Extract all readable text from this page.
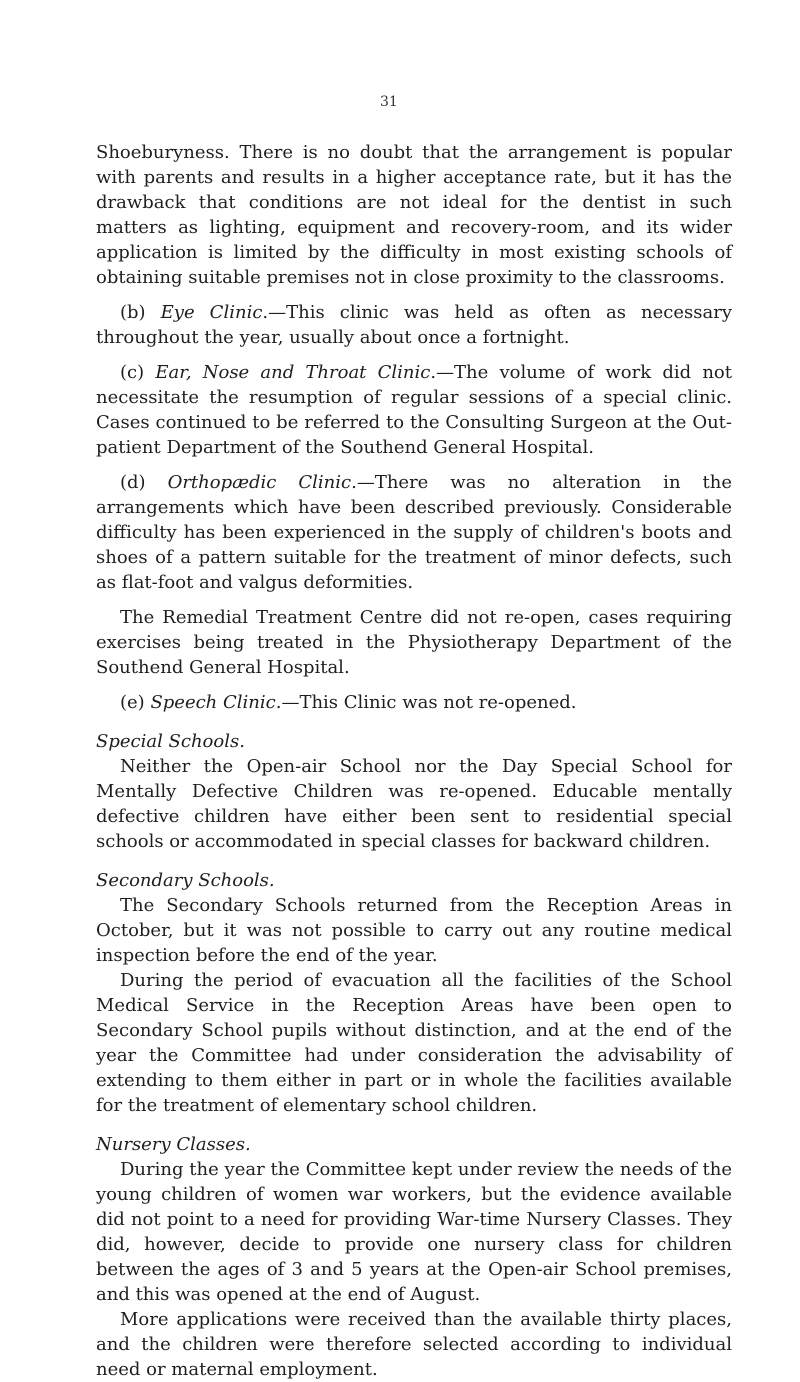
31

Shoeburyness. There is no doubt that the arrangement is popular with parents and results in a higher acceptance rate, but it has the drawback that conditions are not ideal for the dentist in such matters as lighting, equipment and recovery-room, and its wider application is limited by the difficulty in most existing schools of obtaining suitable premises not in close proximity to the classrooms.

(b) Eye Clinic.—This clinic was held as often as necessary throughout the year, usually about once a fortnight.

(c) Ear, Nose and Throat Clinic.—The volume of work did not necessitate the resumption of regular sessions of a special clinic. Cases continued to be referred to the Consulting Surgeon at the Out-patient Department of the Southend General Hospital.

(d) Orthopædic Clinic.—There was no alteration in the arrangements which have been described previously. Considerable difficulty has been experienced in the supply of children's boots and shoes of a pattern suitable for the treatment of minor defects, such as flat-foot and valgus deformities.

The Remedial Treatment Centre did not re-open, cases requiring exercises being treated in the Physiotherapy Department of the Southend General Hospital.

(e) Speech Clinic.—This Clinic was not re-opened.

Special Schools.

Neither the Open-air School nor the Day Special School for Mentally Defective Children was re-opened. Educable mentally defective children have either been sent to residential special schools or accommodated in special classes for backward children.

Secondary Schools.

The Secondary Schools returned from the Reception Areas in October, but it was not possible to carry out any routine medical inspection before the end of the year.

During the period of evacuation all the facilities of the School Medical Service in the Reception Areas have been open to Secondary School pupils without distinction, and at the end of the year the Committee had under consideration the advisability of extending to them either in part or in whole the facilities available for the treatment of elementary school children.

Nursery Classes.

During the year the Committee kept under review the needs of the young children of women war workers, but the evidence available did not point to a need for providing War-time Nursery Classes. They did, however, decide to provide one nursery class for children between the ages of 3 and 5 years at the Open-air School premises, and this was opened at the end of August.

More applications were received than the available thirty places, and the children were therefore selected according to individual need or maternal employment.
